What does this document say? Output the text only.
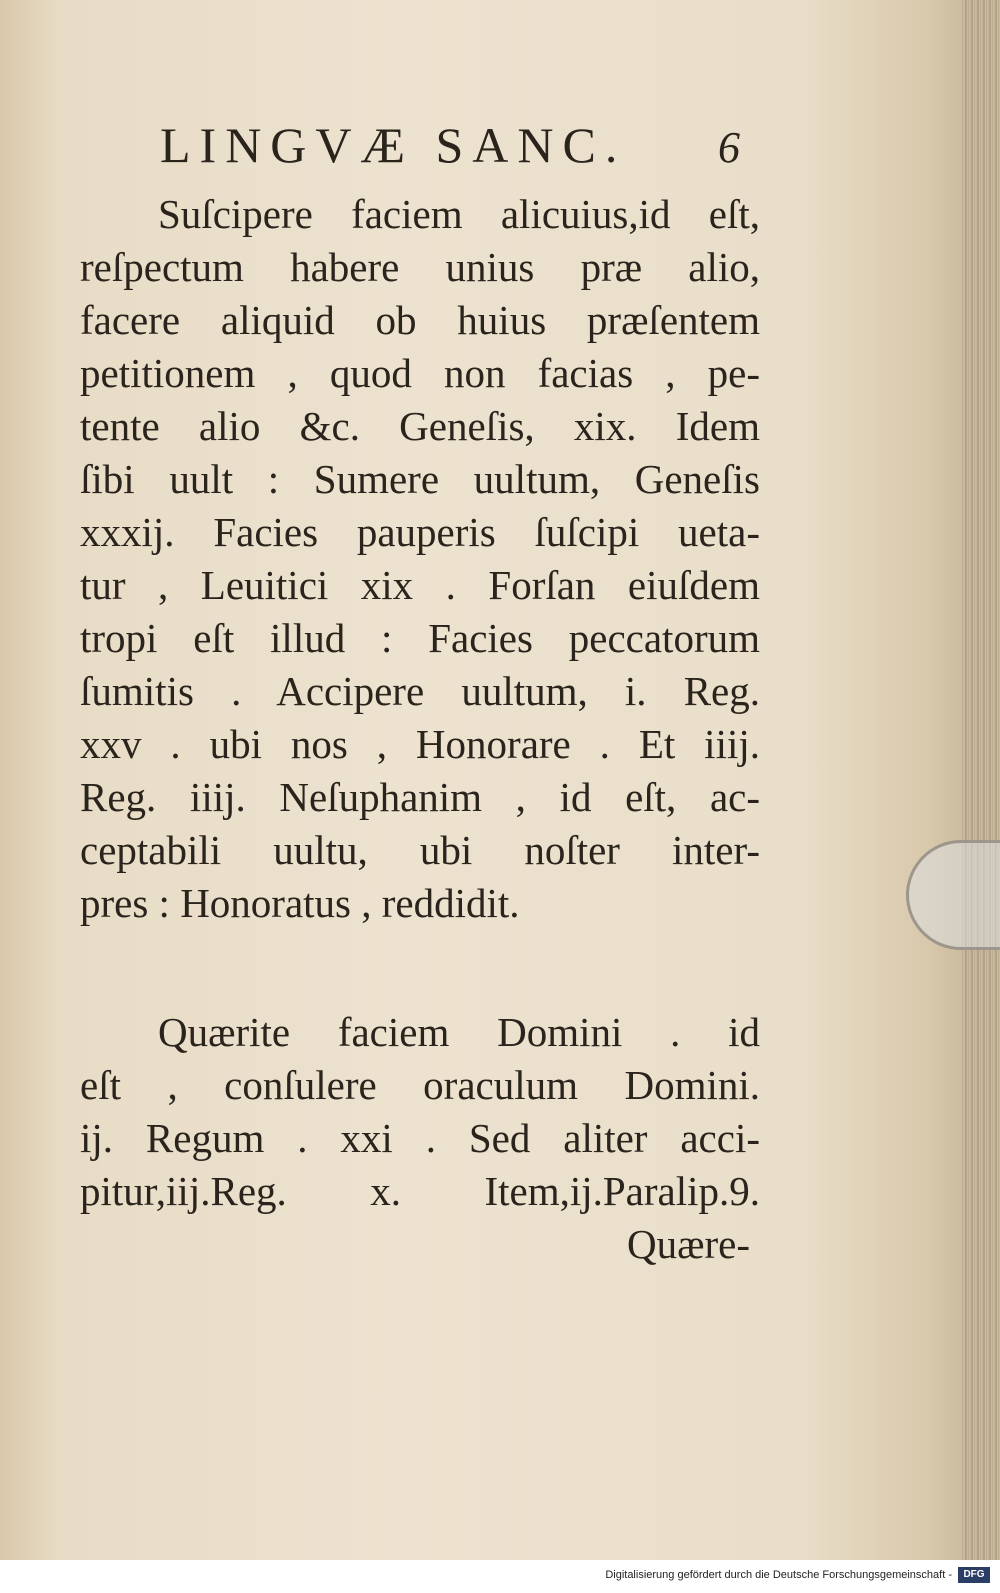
LINGVÆ SANC. 6
Suſcipere faciem alicuius,id eſt,
reſpectum habere unius præ alio,
facere aliquid ob huius præſentem
petitionem , quod non facias , pe-
tente alio &c. Geneſis, xix. Idem
ſibi uult : Sumere uultum, Geneſis
xxxij. Facies pauperis ſuſcipi ueta-
tur , Leuitici xix . Forſan eiuſdem
tropi eſt illud : Facies peccatorum
ſumitis . Accipere uultum, i. Reg.
xxv . ubi nos , Honorare . Et iiij.
Reg. iiij. Neſuphanim , id eſt, ac-
ceptabili uultu, ubi noſter inter-
pres : Honoratus , reddidit.
Quærite faciem Domini . id
eſt , conſulere oraculum Domini.
ij. Regum . xxi . Sed aliter acci-
pitur,iij.Reg. x. Item,ij.Paralip.9.
Quære-
Digitalisierung gefördert durch die Deutsche Forschungsgemeinschaft -	DFG
